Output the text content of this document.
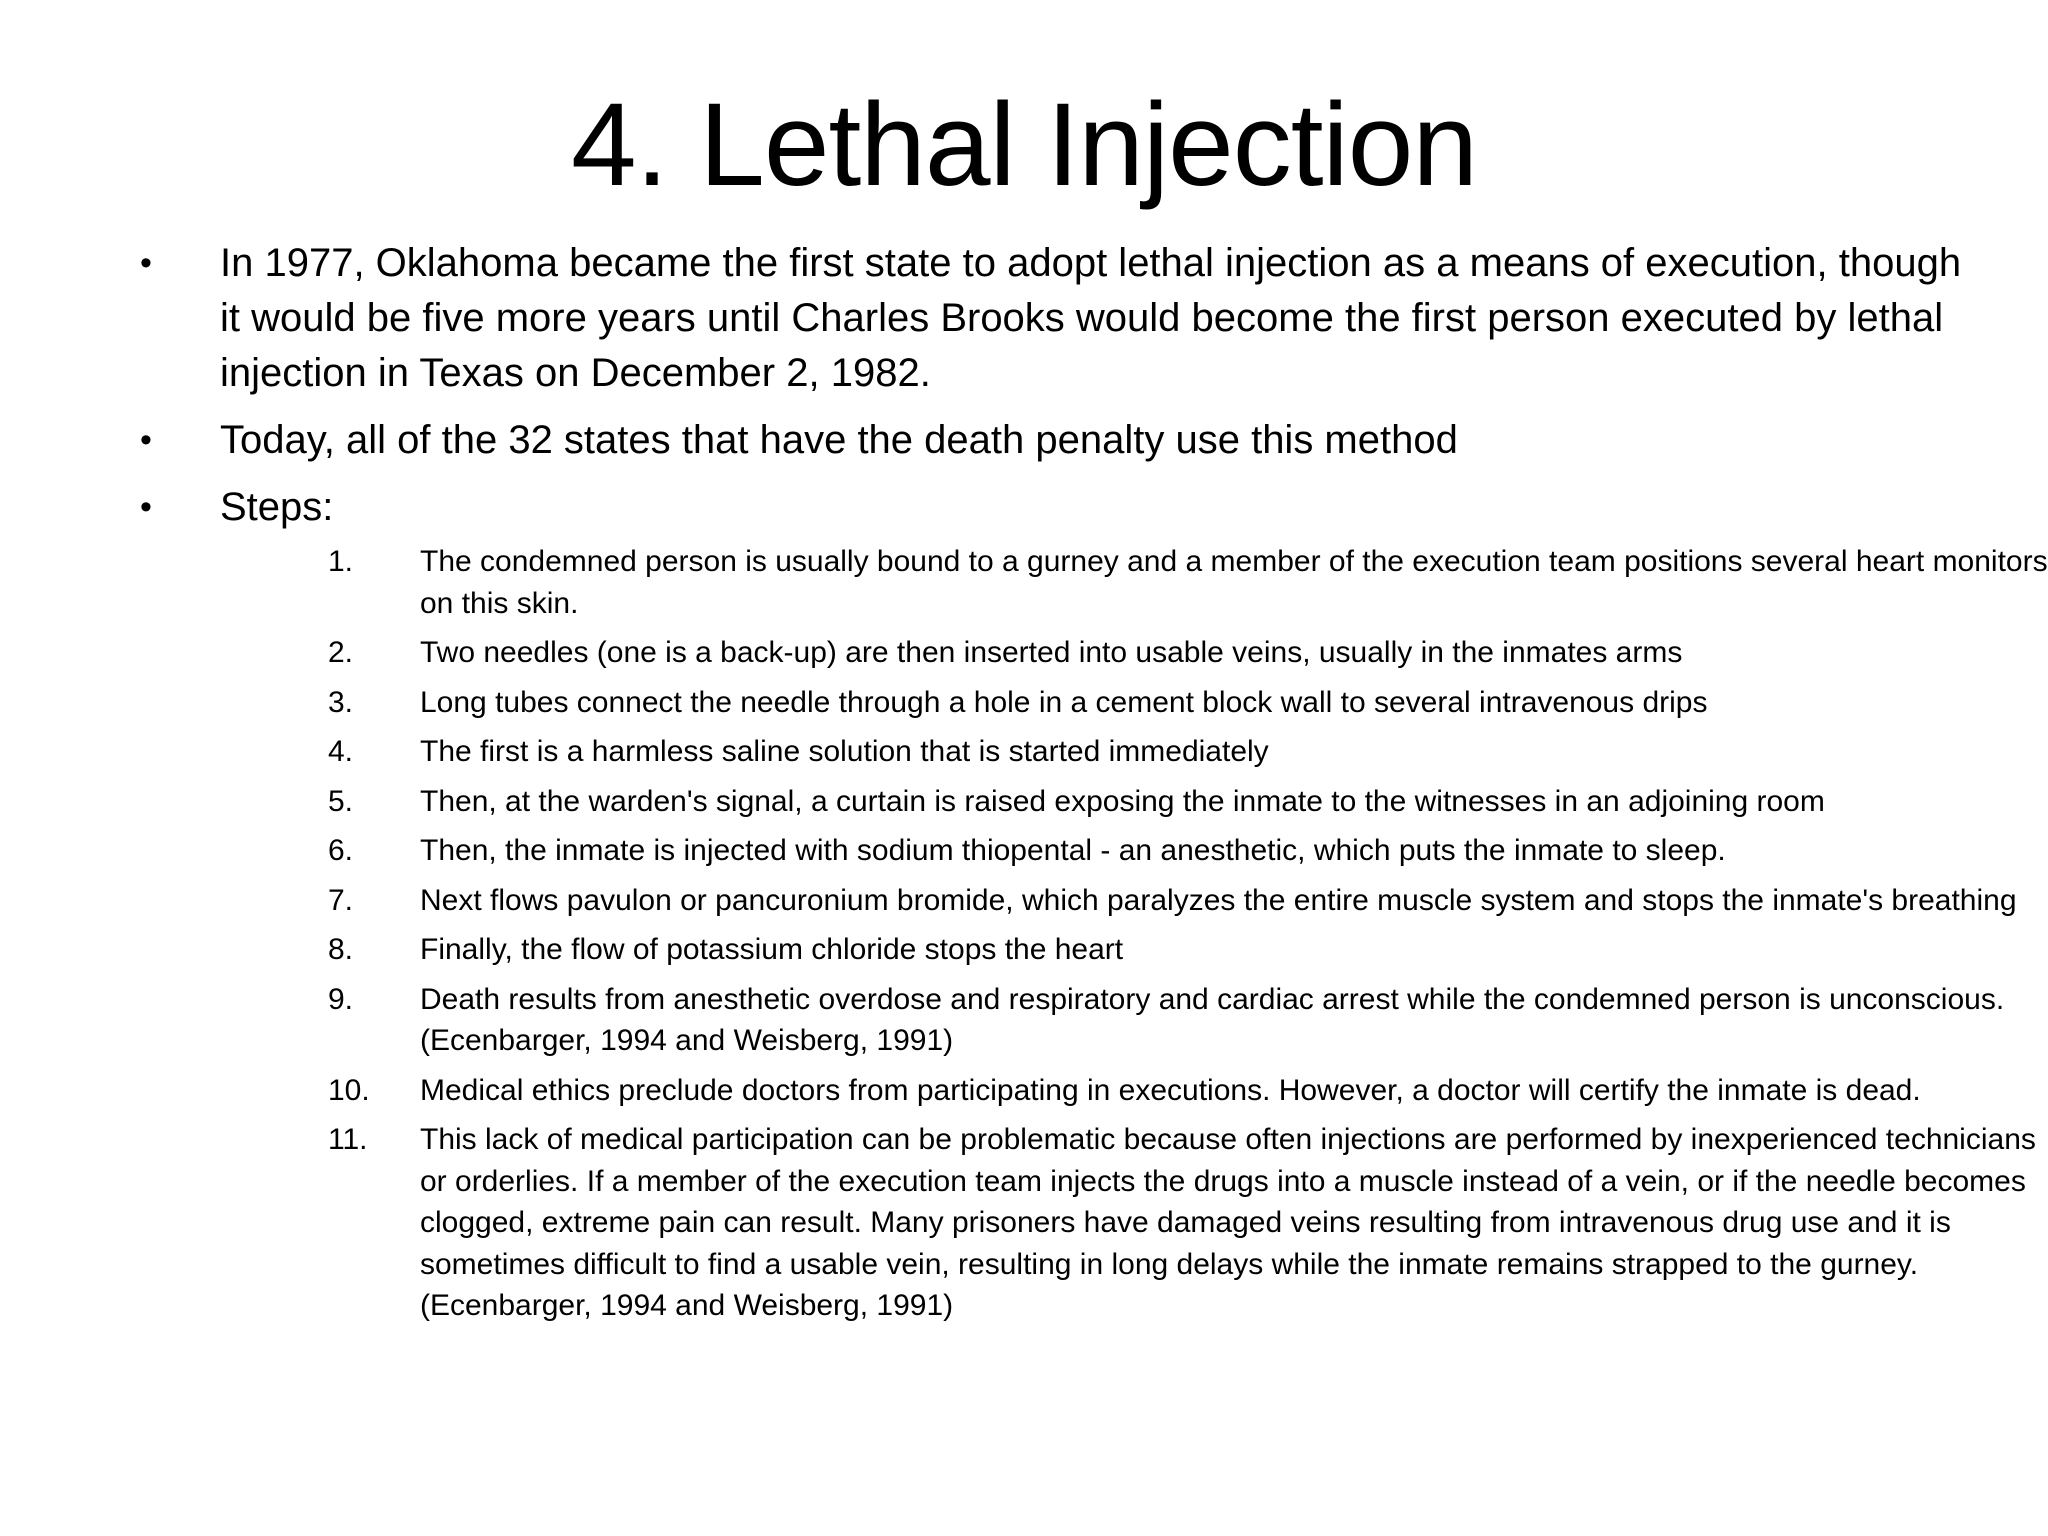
4. Lethal Injection
•	In 1977, Oklahoma became the first state to adopt lethal injection as a means of execution, though it would be five more years until Charles Brooks would become the first person executed by lethal injection in Texas on December 2, 1982.
•	Today, all of the 32 states that have the death penalty use this method
•	Steps:
1.	The condemned person is usually bound to a gurney and a member of the execution team positions several heart monitors on this skin.
2.	Two needles (one is a back-up) are then inserted into usable veins, usually in the inmates arms
3.	Long tubes connect the needle through a hole in a cement block wall to several intravenous drips
4.	The first is a harmless saline solution that is started immediately
5.	Then, at the warden's signal, a curtain is raised exposing the inmate to the witnesses in an adjoining room
6.	Then, the inmate is injected with sodium thiopental - an anesthetic, which puts the inmate to sleep.
7.	Next flows pavulon or pancuronium bromide, which paralyzes the entire muscle system and stops the inmate's breathing
8.	Finally, the flow of potassium chloride stops the heart
9.	Death results from anesthetic overdose and respiratory and cardiac arrest while the condemned person is unconscious. (Ecenbarger, 1994 and Weisberg, 1991)
10.	Medical ethics preclude doctors from participating in executions. However, a doctor will certify the inmate is dead.
11.	This lack of medical participation can be problematic because often injections are performed by inexperienced technicians or orderlies. If a member of the execution team injects the drugs into a muscle instead of a vein, or if the needle becomes clogged, extreme pain can result. Many prisoners have damaged veins resulting from intravenous drug use and it is sometimes difficult to find a usable vein, resulting in long delays while the inmate remains strapped to the gurney. (Ecenbarger, 1994 and Weisberg, 1991)
